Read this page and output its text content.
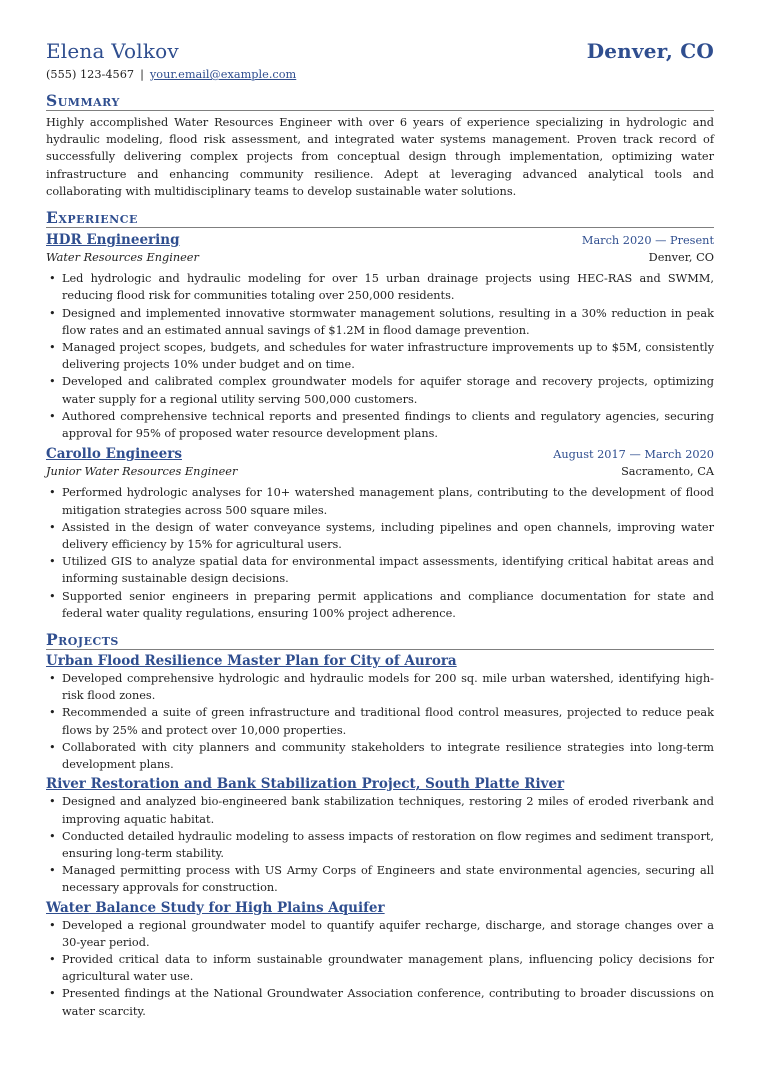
Elena Volkov	Denver, CO
(555) 123-4567 | your.email@example.com
Summary
Highly accomplished Water Resources Engineer with over 6 years of experience specializing in hydrologic and hydraulic modeling, flood risk assessment, and integrated water systems management. Proven track record of successfully delivering complex projects from conceptual design through implementation, optimizing water infrastructure and enhancing community resilience. Adept at leveraging advanced analytical tools and collaborating with multidisciplinary teams to develop sustainable water solutions.
Experience
HDR Engineering	March 2020 — Present
Water Resources Engineer	Denver, CO
• Led hydrologic and hydraulic modeling for over 15 urban drainage projects using HEC-RAS and SWMM, reducing flood risk for communities totaling over 250,000 residents.
• Designed and implemented innovative stormwater management solutions, resulting in a 30% reduction in peak flow rates and an estimated annual savings of $1.2M in flood damage prevention.
• Managed project scopes, budgets, and schedules for water infrastructure improvements up to $5M, consistently delivering projects 10% under budget and on time.
• Developed and calibrated complex groundwater models for aquifer storage and recovery projects, optimizing water supply for a regional utility serving 500,000 customers.
• Authored comprehensive technical reports and presented findings to clients and regulatory agencies, securing approval for 95% of proposed water resource development plans.
Carollo Engineers	August 2017 — March 2020
Junior Water Resources Engineer	Sacramento, CA
• Performed hydrologic analyses for 10+ watershed management plans, contributing to the development of flood mitigation strategies across 500 square miles.
• Assisted in the design of water conveyance systems, including pipelines and open channels, improving water delivery efficiency by 15% for agricultural users.
• Utilized GIS to analyze spatial data for environmental impact assessments, identifying critical habitat areas and informing sustainable design decisions.
• Supported senior engineers in preparing permit applications and compliance documentation for state and federal water quality regulations, ensuring 100% project adherence.
Projects
Urban Flood Resilience Master Plan for City of Aurora
• Developed comprehensive hydrologic and hydraulic models for 200 sq. mile urban watershed, identifying high-risk flood zones.
• Recommended a suite of green infrastructure and traditional flood control measures, projected to reduce peak flows by 25% and protect over 10,000 properties.
• Collaborated with city planners and community stakeholders to integrate resilience strategies into long-term development plans.
River Restoration and Bank Stabilization Project, South Platte River
• Designed and analyzed bio-engineered bank stabilization techniques, restoring 2 miles of eroded riverbank and improving aquatic habitat.
• Conducted detailed hydraulic modeling to assess impacts of restoration on flow regimes and sediment transport, ensuring long-term stability.
• Managed permitting process with US Army Corps of Engineers and state environmental agencies, securing all necessary approvals for construction.
Water Balance Study for High Plains Aquifer
• Developed a regional groundwater model to quantify aquifer recharge, discharge, and storage changes over a 30-year period.
• Provided critical data to inform sustainable groundwater management plans, influencing policy decisions for agricultural water use.
• Presented findings at the National Groundwater Association conference, contributing to broader discussions on water scarcity.
